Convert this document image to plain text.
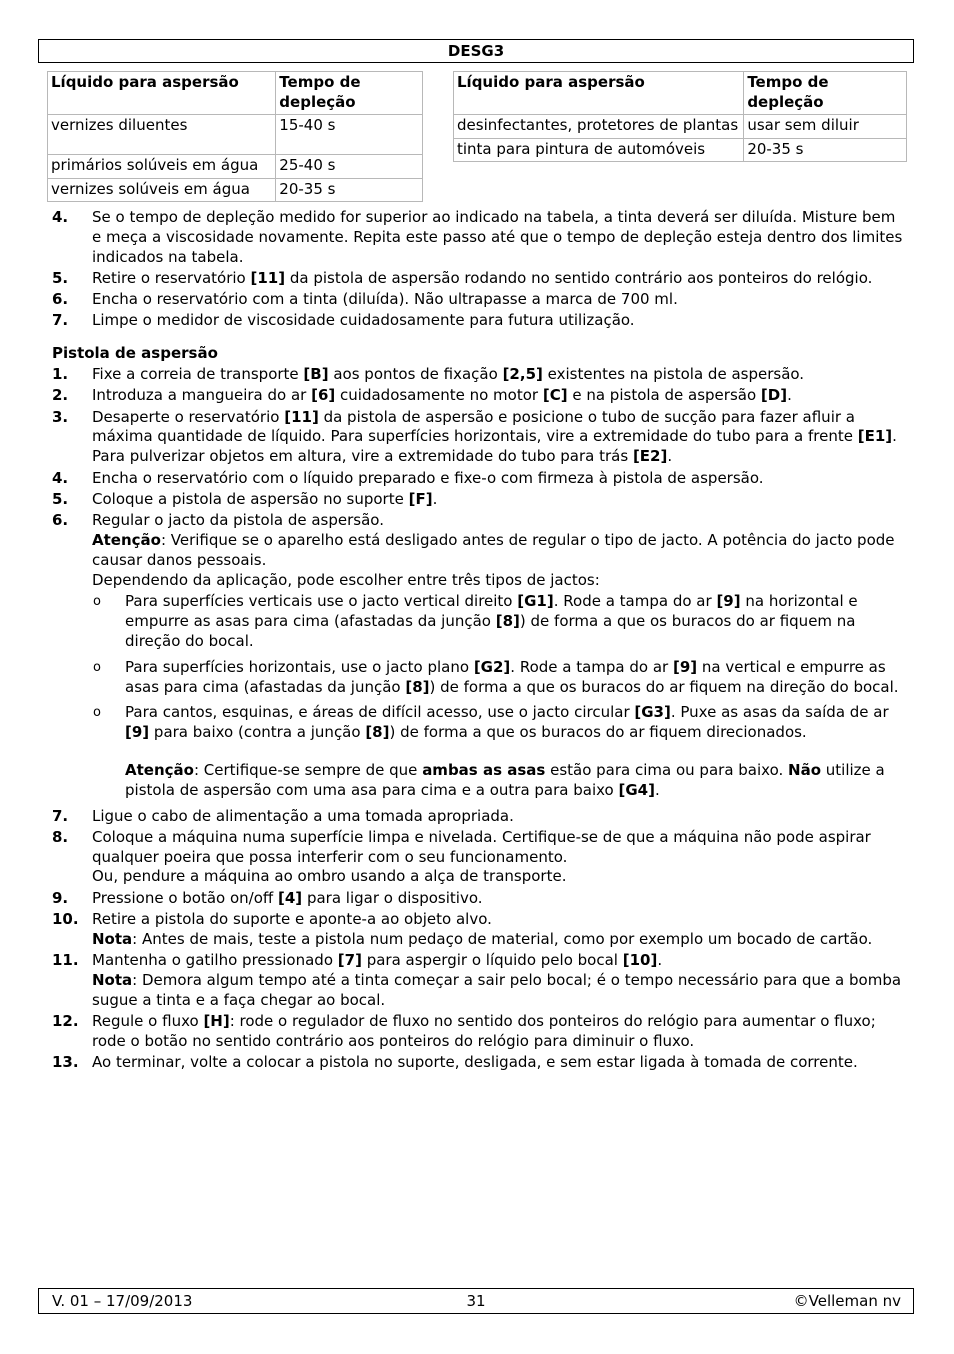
DESG3
Líquido para aspersão	Tempo de depleção
vernizes diluentes	15-40 s
primários solúveis em água	25-40 s
vernizes solúveis em água	20-35 s
Líquido para aspersão	Tempo de depleção
desinfectantes, protetores de plantas	usar sem diluir
tinta para pintura de automóveis	20-35 s
4. Se o tempo de depleção medido for superior ao indicado na tabela, a tinta deverá ser diluída. Misture bem e meça a viscosidade novamente. Repita este passo até que o tempo de depleção esteja dentro dos limites indicados na tabela.
5. Retire o reservatório [11] da pistola de aspersão rodando no sentido contrário aos ponteiros do relógio.
6. Encha o reservatório com a tinta (diluída). Não ultrapasse a marca de 700 ml.
7. Limpe o medidor de viscosidade cuidadosamente para futura utilização.
Pistola de aspersão
1. Fixe a correia de transporte [B] aos pontos de fixação [2,5] existentes na pistola de aspersão.
2. Introduza a mangueira do ar [6] cuidadosamente no motor [C] e na pistola de aspersão [D].
3. Desaperte o reservatório [11] da pistola de aspersão e posicione o tubo de sucção para fazer afluir a máxima quantidade de líquido. Para superfícies horizontais, vire a extremidade do tubo para a frente [E1]. Para pulverizar objetos em altura, vire a extremidade do tubo para trás [E2].
4. Encha o reservatório com o líquido preparado e fixe-o com firmeza à pistola de aspersão.
5. Coloque a pistola de aspersão no suporte [F].
6. Regular o jacto da pistola de aspersão.
Atenção: Verifique se o aparelho está desligado antes de regular o tipo de jacto. A potência do jacto pode causar danos pessoais.
Dependendo da aplicação, pode escolher entre três tipos de jactos:
o Para superfícies verticais use o jacto vertical direito [G1]. Rode a tampa do ar [9] na horizontal e empurre as asas para cima (afastadas da junção [8]) de forma a que os buracos do ar fiquem na direção do bocal.
o Para superfícies horizontais, use o jacto plano [G2]. Rode a tampa do ar [9] na vertical e empurre as asas para cima (afastadas da junção [8]) de forma a que os buracos do ar fiquem na direção do bocal.
o Para cantos, esquinas, e áreas de difícil acesso, use o jacto circular [G3]. Puxe as asas da saída de ar [9] para baixo (contra a junção [8]) de forma a que os buracos do ar fiquem direcionados.
Atenção: Certifique-se sempre de que ambas as asas estão para cima ou para baixo. Não utilize a pistola de aspersão com uma asa para cima e a outra para baixo [G4].
7. Ligue o cabo de alimentação a uma tomada apropriada.
8. Coloque a máquina numa superfície limpa e nivelada. Certifique-se de que a máquina não pode aspirar qualquer poeira que possa interferir com o seu funcionamento.
Ou, pendure a máquina ao ombro usando a alça de transporte.
9. Pressione o botão on/off [4] para ligar o dispositivo.
10. Retire a pistola do suporte e aponte-a ao objeto alvo.
Nota: Antes de mais, teste a pistola num pedaço de material, como por exemplo um bocado de cartão.
11. Mantenha o gatilho pressionado [7] para aspergir o líquido pelo bocal [10].
Nota: Demora algum tempo até a tinta começar a sair pelo bocal; é o tempo necessário para que a bomba sugue a tinta e a faça chegar ao bocal.
12. Regule o fluxo [H]: rode o regulador de fluxo no sentido dos ponteiros do relógio para aumentar o fluxo; rode o botão no sentido contrário aos ponteiros do relógio para diminuir o fluxo.
13. Ao terminar, volte a colocar a pistola no suporte, desligada, e sem estar ligada à tomada de corrente.
V. 01 – 17/09/2013	31	©Velleman nv
